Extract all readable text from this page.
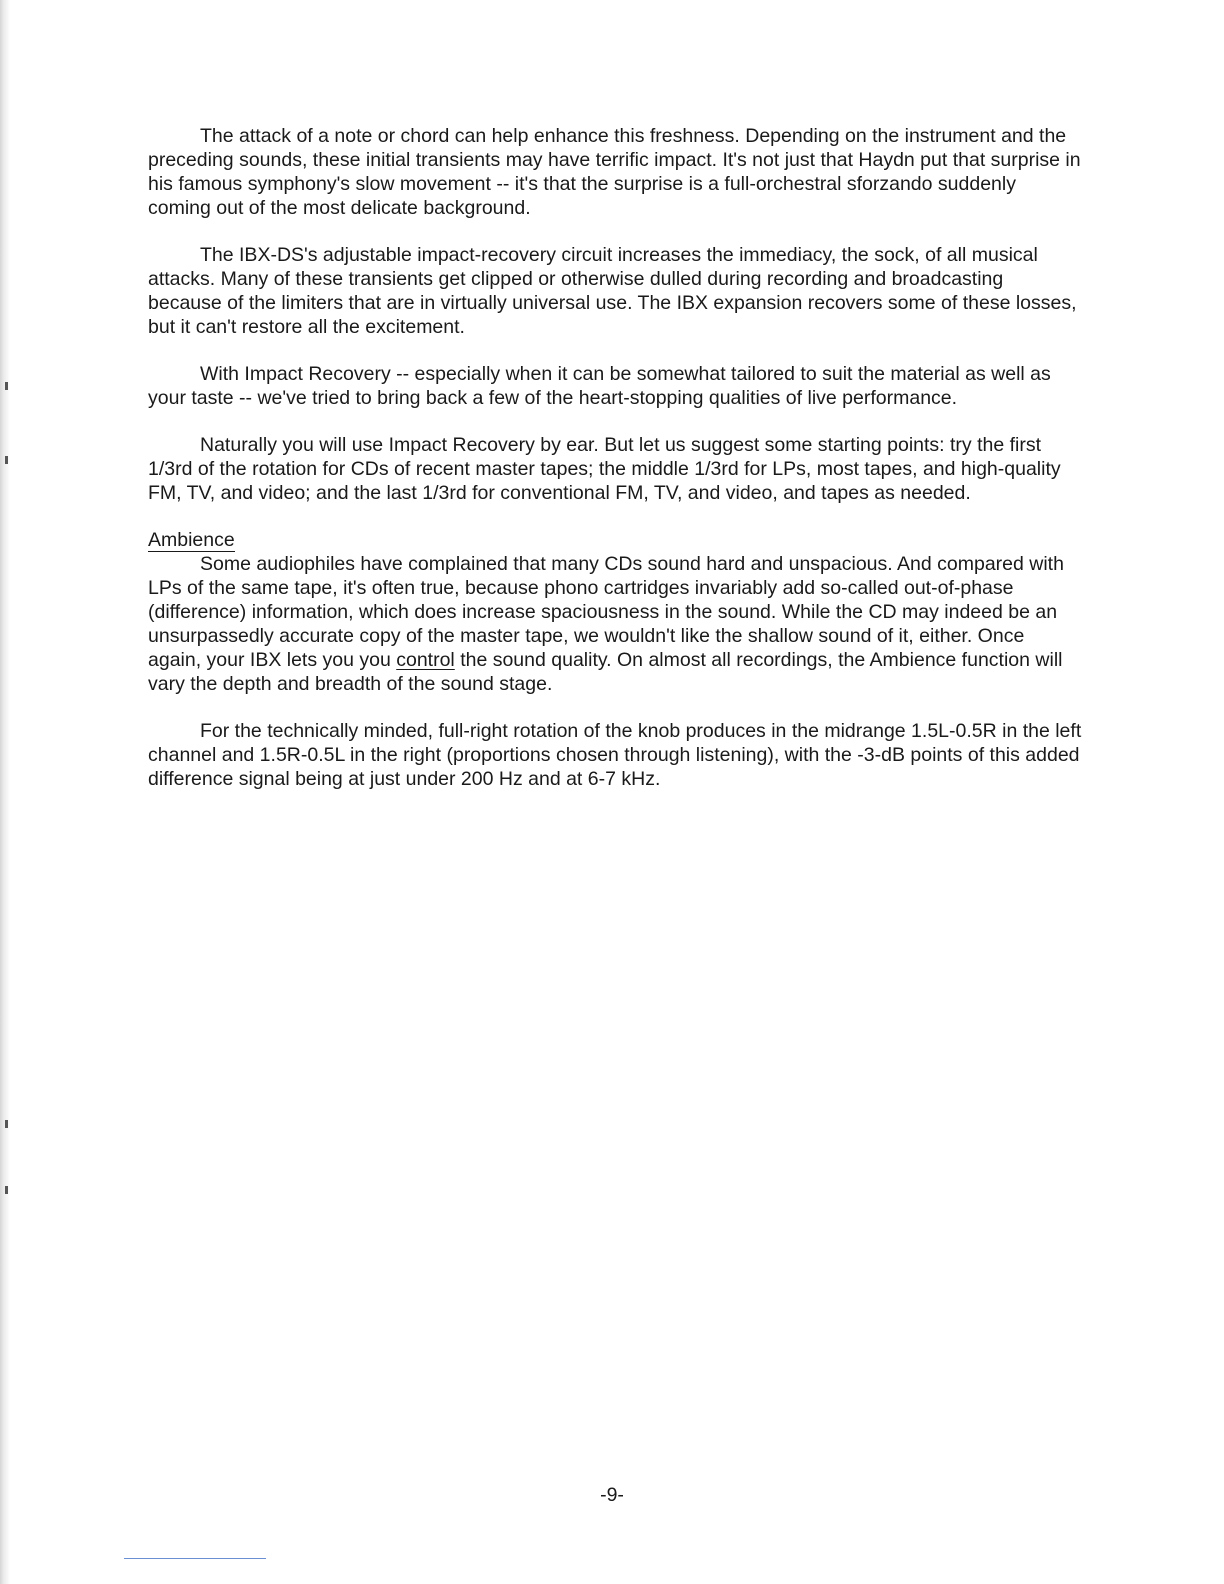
The attack of a note or chord can help enhance this freshness. Depending on the instrument and the preceding sounds, these initial transients may have terrific impact. It's not just that Haydn put that surprise in his famous symphony's slow movement -- it's that the surprise is a full-orchestral sforzando suddenly coming out of the most delicate background.

The IBX-DS's adjustable impact-recovery circuit increases the immediacy, the sock, of all musical attacks. Many of these transients get clipped or otherwise dulled during recording and broadcasting because of the limiters that are in virtually universal use. The IBX expansion recovers some of these losses, but it can't restore all the excitement.

With Impact Recovery -- especially when it can be somewhat tailored to suit the material as well as your taste -- we've tried to bring back a few of the heart-stopping qualities of live performance.

Naturally you will use Impact Recovery by ear. But let us suggest some starting points: try the first 1/3rd of the rotation for CDs of recent master tapes; the middle 1/3rd for LPs, most tapes, and high-quality FM, TV, and video; and the last 1/3rd for conventional FM, TV, and video, and tapes as needed.

Ambience

Some audiophiles have complained that many CDs sound hard and unspacious. And compared with LPs of the same tape, it's often true, because phono cartridges invariably add so-called out-of-phase (difference) information, which does increase spaciousness in the sound. While the CD may indeed be an unsurpassedly accurate copy of the master tape, we wouldn't like the shallow sound of it, either. Once again, your IBX lets you you control the sound quality. On almost all recordings, the Ambience function will vary the depth and breadth of the sound stage.

For the technically minded, full-right rotation of the knob produces in the midrange 1.5L-0.5R in the left channel and 1.5R-0.5L in the right (proportions chosen through listening), with the -3-dB points of this added difference signal being at just under 200 Hz and at 6-7 kHz.

-9-
